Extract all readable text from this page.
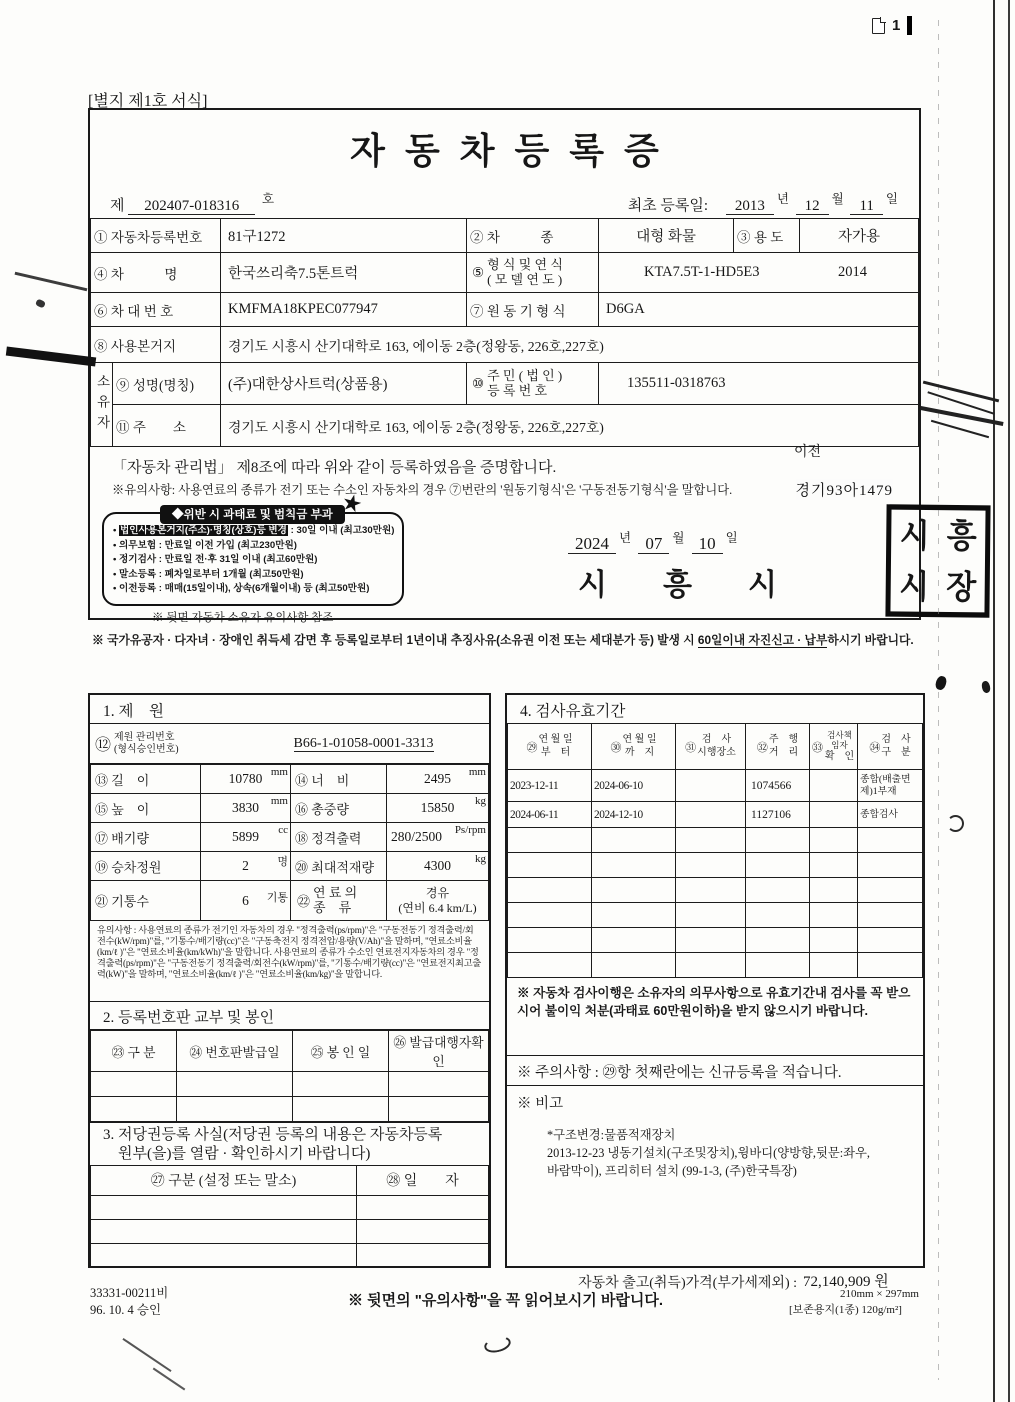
1
[별지 제1호 서식]
자동차등록증
제 202407-018316 $^호$	최초 등록일: 2013 $^년$ 12 $^월$ 11 $^일$
① 자동차등록번호		81구1272	② 차　　　종	대형 화물	③ 용 도	자가용
④ 차　　　명		한국쓰리축7.5톤트럭	⑤
형 식 및 연 식
( 모 델 연 도 )	KTA7.5T-1-HD5E3 2014		

⑥ 차 대 번 호		KMFMA18KPEC077947	⑦ 원 동 기 형 식	D6GA		
⑧ 사용본거지		경기도 시흥시 산기대학로 163, 에이동 2층(정왕동, 226호,227호)				
소유자	⑨ 성명(명칭)	(주)대한상사트럭(상품용)	⑩
주 민 ( 법 인 )
등 록 번 호	135511-0318763		
	⑪ 주　　소	경기도 시흥시 산기대학로 163, 에이동 2층(정왕동, 226호,227호)				
「자동차 관리법」 제8조에 따라 위와 같이 등록하였음을 증명합니다.
이전
※유의사항: 사용연료의 종류가 전기 또는 수소인 자동차의 경우 ⑦번란의 '원동기형식'은 '구동전동기형식'을 말합니다.	경기93아1479
◆위반 시 과태료 및 범칙금 부과 ★
• 법인사용본거지(주소)·명칭(상호)등 변경 : 30일 이내 (최고30만원)
• 의무보험 : 만료일 이전 가입 (최고230만원)
• 정기검사 : 만료일 전·후 31일 이내 (최고60만원)
• 말소등록 : 폐차일로부터 1개월 (최고50만원)
• 이전등록 : 매매(15일이내), 상속(6개월이내) 등 (최고50만원)
※ 뒷면 자동차 소유자 유의사항 참조
2024 $^년$ 07 $^월$ 10 $^일$
시흥시
시 흥
시 장
※ 국가유공자 · 다자녀 · 장애인 취득세 감면 후 등록일로부터 1년이내 추징사유(소유권 이전 또는 세대분가 등) 발생 시 60일이내 자진신고 · 납부하시기 바랍니다.
1. 제　원
⑫ 제원 관리번호
(형식승인번호)	B66-1-01058-0001-3313
⑬ 길　이	10780 mm	⑭ 너　비	2495 mm

⑮ 높　이	3830 mm	⑯ 총중량	15850 kg

⑰ 배기량	5899 cc	⑱ 정격출력	280/2500 Ps/rpm

⑲ 승차정원	2 명	⑳ 최대적재량	4300 kg

㉑ 기통수	6 기통	㉒
연 료 의
종　류

경유
(연비 6.4 km/L)
유의사항 : 사용연료의 종류가 전기인 자동차의 경우 "정격출력(ps/rpm)"은 "구동전동기 정격출력/회전수(kW/rpm)"를, "기통수/배기량(cc)"은 "구동축전지 정격전압/용량(V/Ah)"을 말하며, "연료소비율(km/ℓ )"은 "연료소비율(km/kWh)"을 말합니다. 사용연료의 종류가 수소인 연료전지자동차의 경우 "정격출력(ps/rpm)"은 "구동전동기 정격출력/회전수(kW/rpm)"를, "기통수/배기량(cc)"은 "연료전지최고출력(kW)"을 말하며, "연료소비율(km/ℓ )"은 "연료소비율(km/kg)"을 말합니다.
2. 등록번호판 교부 및 봉인
㉓ 구 분	㉔ 번호판발급일	㉕ 봉 인 일	㉖ 발급대행자확인

3. 저당권등록 사실(저당권 등록의 내용은 자동차등록
원부(을)를 열람 · 확인하시기 바랍니다)
㉗ 구분 (설정 또는 말소)	㉘ 일　　자

4. 검사유효기간
㉙
연 월 일
부　터	㉚
연 월 일
까　지	㉛
검　사
시행장소	㉜
주　행
거　리	㉝
검사책임자
확　인	㉞
검　사
구　분

2023-12-11	2024-06-10		1074566		종합(배출면제)1부재
2024-06-11	2024-12-10		1127106		종합검사

※ 자동차 검사이행은 소유자의 의무사항으로 유효기간내 검사를 꼭 받으시어 불이익 처분(과태료 60만원이하)을 받지 않으시기 바랍니다.
※ 주의사항 : ㉙항 첫째란에는 신규등록을 적습니다.
※ 비고
*구조변경:물품적재장치
2013-12-23 냉동기설치(구조및장치),윙바디(양방향,뒷문:좌우,
바람막이), 프리히터 설치 (99-1-3, (주)한국특장)
자동차 출고(취득)가격(부가세제외) : 72,140,909 원
33331-00211비
96. 10. 4 승인
※ 뒷면의 "유의사항"을 꼭 읽어보시기 바랍니다.	210mm × 297mm
[보존용지(1종) 120g/m²]
